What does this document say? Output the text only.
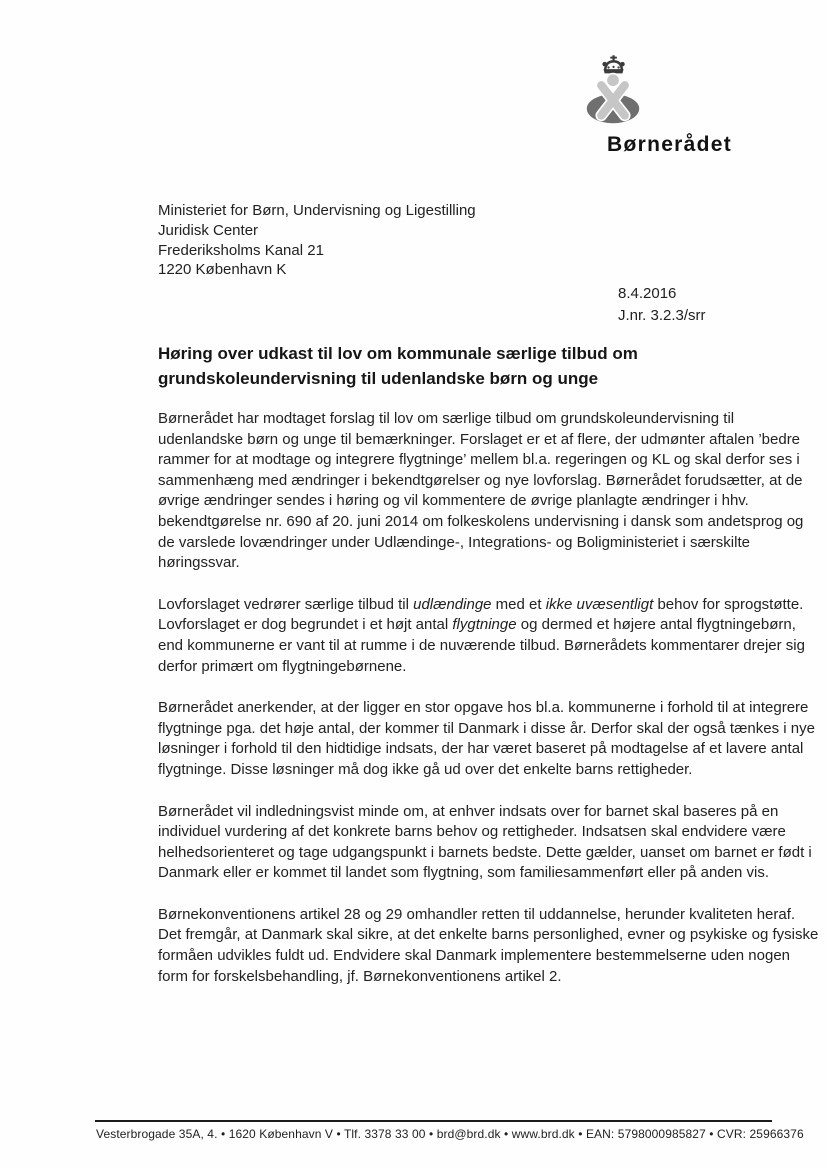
Børnerådet
Ministeriet for Børn, Undervisning og Ligestilling
Juridisk Center
Frederiksholms Kanal 21
1220 København K
8.4.2016
J.nr. 3.2.3/srr
Høring over udkast til lov om kommunale særlige tilbud om
grundskoleundervisning til udenlandske børn og unge

Børnerådet har modtaget forslag til lov om særlige tilbud om grundskoleundervisning til udenlandske børn og unge til bemærkninger. Forslaget er et af flere, der udmønter aftalen ’bedre rammer for at modtage og integrere flygtninge’ mellem bl.a. regeringen og KL og skal derfor ses i sammenhæng med ændringer i bekendtgørelser og nye lovforslag. Børnerådet forudsætter, at de øvrige ændringer sendes i høring og vil kommentere de øvrige planlagte ændringer i hhv. bekendtgørelse nr. 690 af 20. juni 2014 om folkeskolens undervisning i dansk som andetsprog og de varslede lovændringer under Udlændinge-, Integrations- og Boligministeriet i særskilte høringssvar.

Lovforslaget vedrører særlige tilbud til udlændinge med et ikke uvæsentligt behov for sprogstøtte. Lovforslaget er dog begrundet i et højt antal flygtninge og dermed et højere antal flygtningebørn, end kommunerne er vant til at rumme i de nuværende tilbud. Børnerådets kommentarer drejer sig derfor primært om flygtningebørnene.

Børnerådet anerkender, at der ligger en stor opgave hos bl.a. kommunerne i forhold til at integrere flygtninge pga. det høje antal, der kommer til Danmark i disse år. Derfor skal der også tænkes i nye løsninger i forhold til den hidtidige indsats, der har været baseret på modtagelse af et lavere antal flygtninge. Disse løsninger må dog ikke gå ud over det enkelte barns rettigheder.

Børnerådet vil indledningsvist minde om, at enhver indsats over for barnet skal baseres på en individuel vurdering af det konkrete barns behov og rettigheder. Indsatsen skal endvidere være helhedsorienteret og tage udgangspunkt i barnets bedste. Dette gælder, uanset om barnet er født i Danmark eller er kommet til landet som flygtning, som familiesammenført eller på anden vis.

Børnekonventionens artikel 28 og 29 omhandler retten til uddannelse, herunder kvaliteten heraf. Det fremgår, at Danmark skal sikre, at det enkelte barns personlighed, evner og psykiske og fysiske formåen udvikles fuldt ud. Endvidere skal Danmark implementere bestemmelserne uden nogen form for forskelsbehandling, jf. Børnekonventionens artikel 2.

Vesterbrogade 35A, 4. • 1620 København V • Tlf. 3378 33 00 • brd@brd.dk • www.brd.dk • EAN: 5798000985827 • CVR: 25966376
